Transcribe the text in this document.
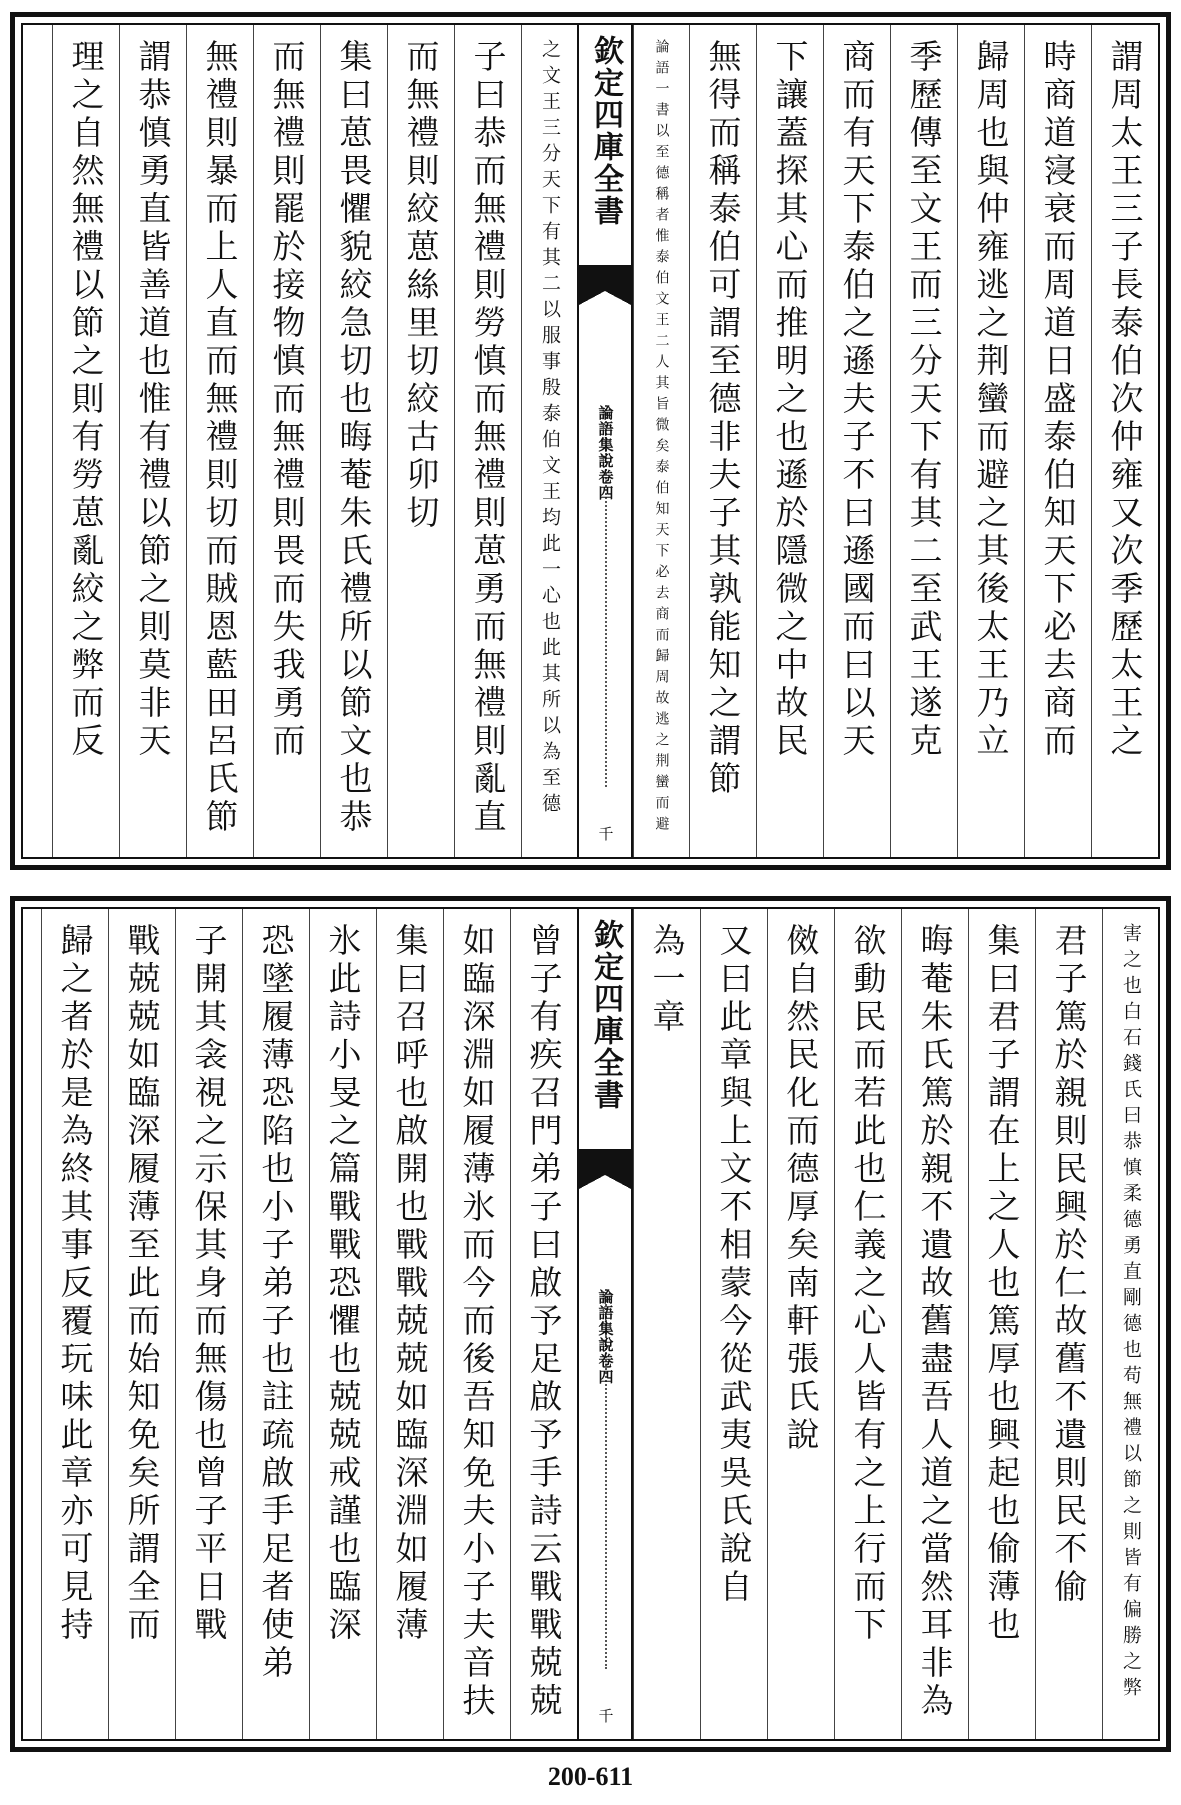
謂周太王三子長泰伯次仲雍又次季歷太王之
時商道寖衰而周道日盛泰伯知天下必去商而
歸周也與仲雍逃之荆蠻而避之其後太王乃立
季歷傳至文王而三分天下有其二至武王遂克
商而有天下泰伯之遜夫子不曰遜國而曰以天
下讓蓋探其心而推明之也遜於隱微之中故民
無得而稱泰伯可謂至德非夫子其孰能知之謂節
論語一書以至德稱者惟泰伯文王二人其旨微矣泰伯知天下必去商而歸周故逃之荆蠻而避
欽定四庫全書
論語集說卷四
千
之文王三分天下有其二以服事殷泰伯文王均此一心也此其所以為至德
子曰恭而無禮則勞慎而無禮則葸勇而無禮則亂直
而無禮則絞葸絲里切絞古卯切
集曰葸畏懼貌絞急切也晦菴朱氏禮所以節文也恭
而無禮則罷於接物慎而無禮則畏而失我勇而
無禮則暴而上人直而無禮則切而賊恩藍田呂氏節
謂恭慎勇直皆善道也惟有禮以節之則莫非天
理之自然無禮以節之則有勞葸亂絞之弊而反
害之也白石錢氏曰恭慎柔德勇直剛德也苟無禮以節之則皆有偏勝之弊
君子篤於親則民興於仁故舊不遺則民不偷
集曰君子謂在上之人也篤厚也興起也偷薄也
晦菴朱氏篤於親不遺故舊盡吾人道之當然耳非為
欲動民而若此也仁義之心人皆有之上行而下
傚自然民化而德厚矣南軒張氏說
又曰此章與上文不相蒙今從武夷吳氏說自
為一章
欽定四庫全書
論語集說卷四
千
曾子有疾召門弟子曰啟予足啟予手詩云戰戰兢兢
如臨深淵如履薄氷而今而後吾知免夫小子夫音扶
集曰召呼也啟開也戰戰兢兢如臨深淵如履薄
氷此詩小旻之篇戰戰恐懼也兢兢戒謹也臨深
恐墜履薄恐陷也小子弟子也註疏啟手足者使弟
子開其衾視之示保其身而無傷也曾子平日戰
戰兢兢如臨深履薄至此而始知免矣所謂全而
歸之者於是為終其事反覆玩味此章亦可見持
200-611
